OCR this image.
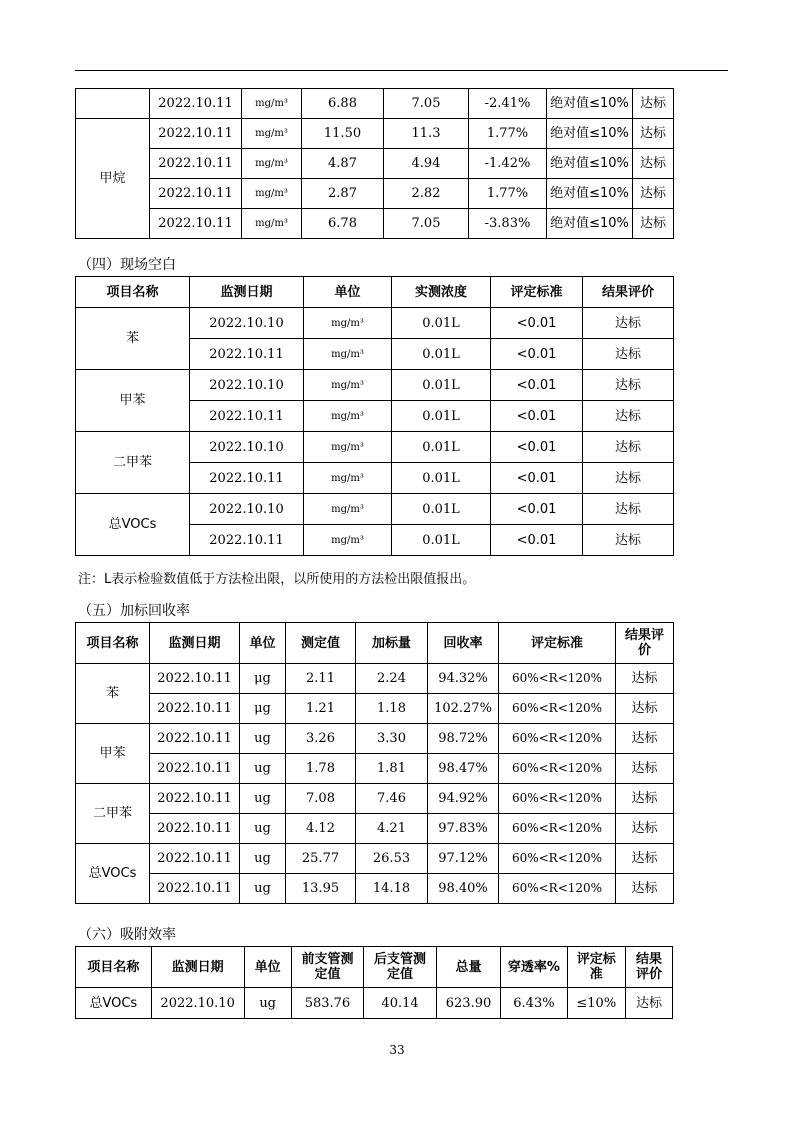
	2022.10.11	mg/m³	6.88	7.05	-2.41%	绝对值≤10%	达标
甲烷	2022.10.11	mg/m³	11.50	11.3	1.77%	绝对值≤10%	达标
	2022.10.11	mg/m³	4.87	4.94	-1.42%	绝对值≤10%	达标
	2022.10.11	mg/m³	2.87	2.82	1.77%	绝对值≤10%	达标
	2022.10.11	mg/m³	6.78	7.05	-3.83%	绝对值≤10%	达标
（四）现场空白
项目名称	监测日期	单位	实测浓度	评定标准	结果评价
苯	2022.10.10	mg/m³	0.01L	<0.01	达标
	2022.10.11	mg/m³	0.01L	<0.01	达标
甲苯	2022.10.10	mg/m³	0.01L	<0.01	达标
	2022.10.11	mg/m³	0.01L	<0.01	达标
二甲苯	2022.10.10	mg/m³	0.01L	<0.01	达标
	2022.10.11	mg/m³	0.01L	<0.01	达标
总VOCs	2022.10.10	mg/m³	0.01L	<0.01	达标
	2022.10.11	mg/m³	0.01L	<0.01	达标
注：L表示检验数值低于方法检出限，以所使用的方法检出限值报出。
（五）加标回收率
项目名称	监测日期	单位	测定值	加标量	回收率	评定标准	结果评价
苯	2022.10.11	μg	2.11	2.24	94.32%	60%<R<120%	达标
	2022.10.11	μg	1.21	1.18	102.27%	60%<R<120%	达标
甲苯	2022.10.11	ug	3.26	3.30	98.72%	60%<R<120%	达标
	2022.10.11	ug	1.78	1.81	98.47%	60%<R<120%	达标
二甲苯	2022.10.11	ug	7.08	7.46	94.92%	60%<R<120%	达标
	2022.10.11	ug	4.12	4.21	97.83%	60%<R<120%	达标
总VOCs	2022.10.11	ug	25.77	26.53	97.12%	60%<R<120%	达标
	2022.10.11	ug	13.95	14.18	98.40%	60%<R<120%	达标
（六）吸附效率
项目名称	监测日期	单位	前支管测定值	后支管测定值	总量	穿透率%	评定标准	结果评价
总VOCs	2022.10.10	ug	583.76	40.14	623.90	6.43%	≤10%	达标
33
